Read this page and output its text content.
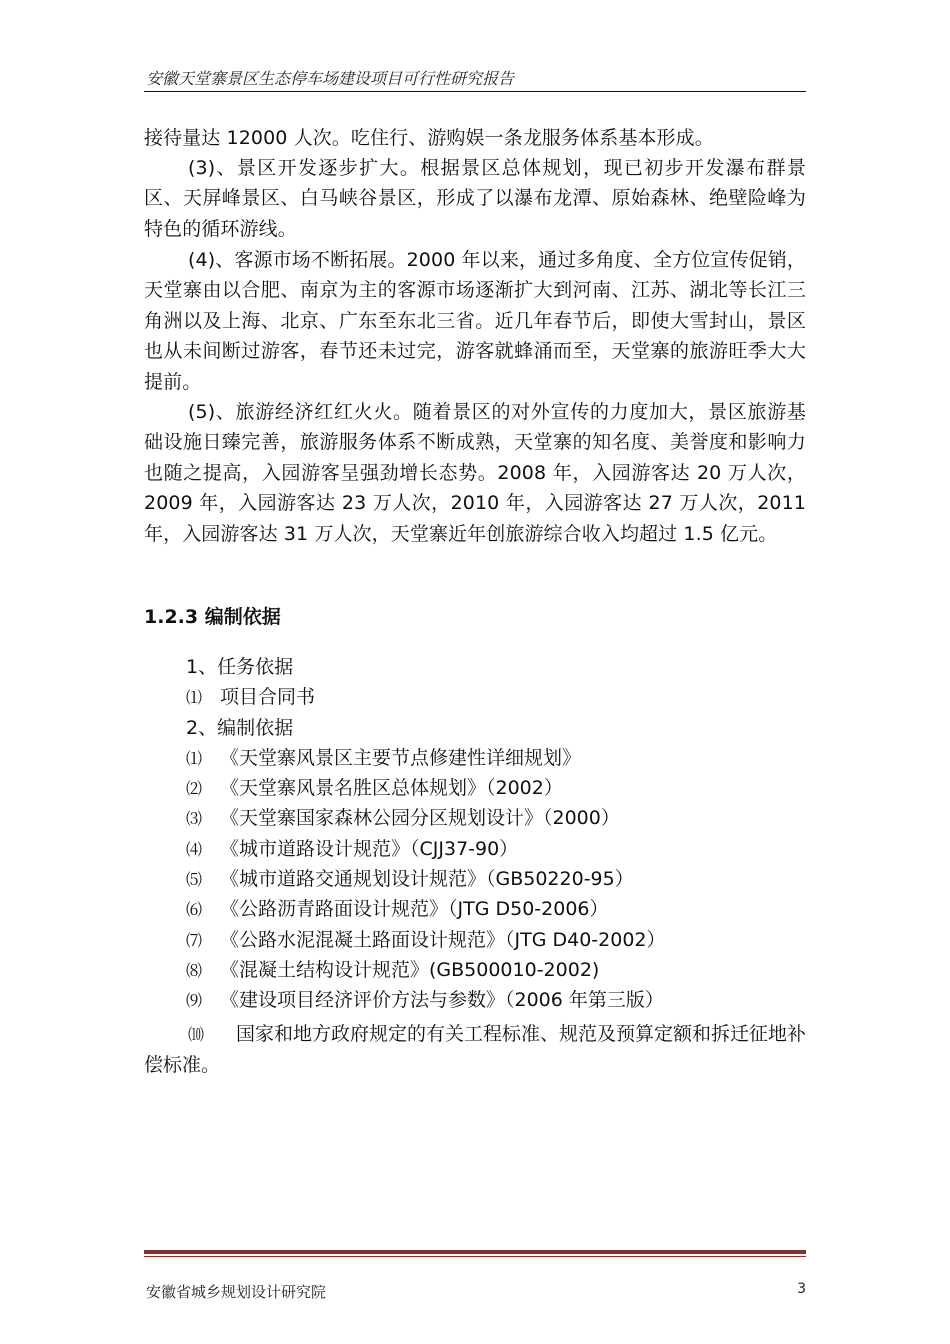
安徽天堂寨景区生态停车场建设项目可行性研究报告
接待量达 12000 人次。吃住行、游购娱一条龙服务体系基本形成。
(3)、景区开发逐步扩大。根据景区总体规划，现已初步开发瀑布群景区、天屏峰景区、白马峡谷景区，形成了以瀑布龙潭、原始森林、绝壁险峰为特色的循环游线。
(4)、客源市场不断拓展。2000 年以来，通过多角度、全方位宣传促销，天堂寨由以合肥、南京为主的客源市场逐渐扩大到河南、江苏、湖北等长江三角洲以及上海、北京、广东至东北三省。近几年春节后，即使大雪封山，景区也从未间断过游客，春节还未过完，游客就蜂涌而至，天堂寨的旅游旺季大大提前。
(5)、旅游经济红红火火。随着景区的对外宣传的力度加大，景区旅游基础设施日臻完善，旅游服务体系不断成熟，天堂寨的知名度、美誉度和影响力也随之提高，入园游客呈强劲增长态势。2008 年，入园游客达 20 万人次，2009 年，入园游客达 23 万人次，2010 年，入园游客达 27 万人次，2011 年，入园游客达 31 万人次，天堂寨近年创旅游综合收入均超过 1.5 亿元。
1.2.3 编制依据
1、任务依据
⑴ 项目合同书
2、编制依据
⑴ 《天堂寨风景区主要节点修建性详细规划》
⑵ 《天堂寨风景名胜区总体规划》（2002）
⑶ 《天堂寨国家森林公园分区规划设计》（2000）
⑷ 《城市道路设计规范》（CJJ37-90）
⑸ 《城市道路交通规划设计规范》（GB50220-95）
⑹ 《公路沥青路面设计规范》（JTG D50-2006）
⑺ 《公路水泥混凝土路面设计规范》（JTG D40-2002）
⑻ 《混凝土结构设计规范》(GB500010-2002)
⑼ 《建设项目经济评价方法与参数》（2006 年第三版）
⑽ 国家和地方政府规定的有关工程标准、规范及预算定额和拆迁征地补偿标准。
安徽省城乡规划设计研究院	3
